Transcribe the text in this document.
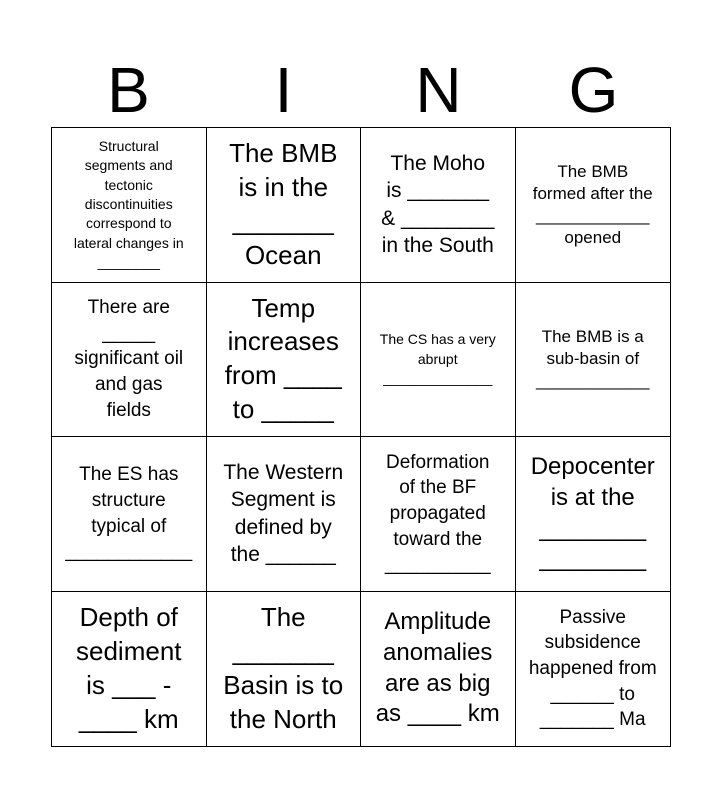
B	I	N	G

Structural
segments and
tectonic
discontinuities
correspond to
lateral changes in
________

The BMB
is in the
_______
Ocean

The Moho
is _______
& ________
in the South

The BMB
formed after the
____________
opened

There are
_____
significant oil
and gas
fields

Temp
increases
from ____
to _____

The CS has a very
abrupt
______________

The BMB is a
sub-basin of
____________

The ES has
structure
typical of
____________

The Western
Segment is
defined by
the ______

Deformation
of the BF
propagated
toward the
__________

Depocenter
is at the
________
________

Depth of
sediment
is ___ -
____ km

The
_______
Basin is to
the North

Amplitude
anomalies
are as big
as ____ km

Passive
subsidence
happened from
______ to
_______ Ma
